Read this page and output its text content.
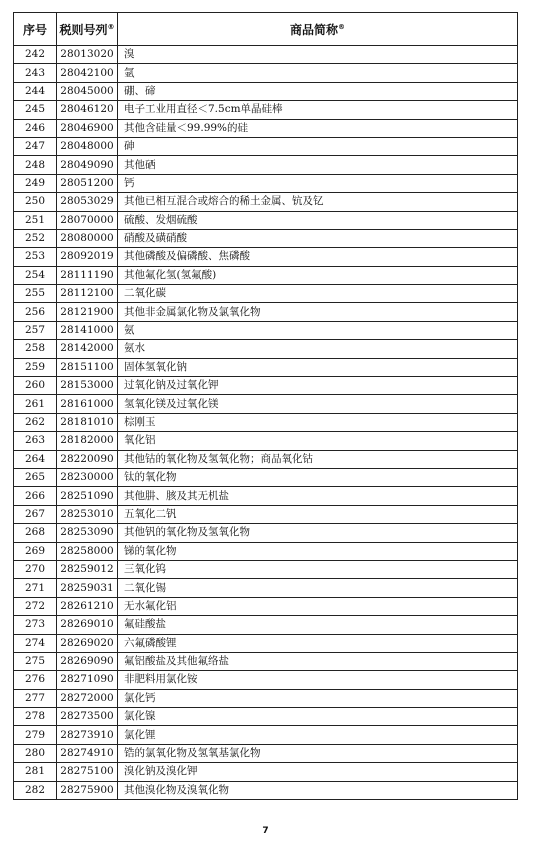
序号	税则号列®	商品简称®
242	28013020	溴
243	28042100	氩
244	28045000	硼、碲
245	28046120	电子工业用直径＜7.5cm单晶硅棒
246	28046900	其他含硅量＜99.99%的硅
247	28048000	砷
248	28049090	其他硒
249	28051200	钙
250	28053029	其他已相互混合或熔合的稀土金属、钪及钇
251	28070000	硫酸、发烟硫酸
252	28080000	硝酸及磺硝酸
253	28092019	其他磷酸及偏磷酸、焦磷酸
254	28111190	其他氟化氢(氢氟酸)
255	28112100	二氧化碳
256	28121900	其他非金属氯化物及氯氧化物
257	28141000	氨
258	28142000	氨水
259	28151100	固体氢氧化钠
260	28153000	过氧化钠及过氧化钾
261	28161000	氢氧化镁及过氧化镁
262	28181010	棕刚玉
263	28182000	氧化铝
264	28220090	其他钴的氧化物及氢氧化物；商品氧化钴
265	28230000	钛的氧化物
266	28251090	其他肼、胲及其无机盐
267	28253010	五氧化二钒
268	28253090	其他钒的氧化物及氢氧化物
269	28258000	锑的氧化物
270	28259012	三氧化钨
271	28259031	二氧化锡
272	28261210	无水氟化铝
273	28269010	氟硅酸盐
274	28269020	六氟磷酸锂
275	28269090	氟铝酸盐及其他氟络盐
276	28271090	非肥料用氯化铵
277	28272000	氯化钙
278	28273500	氯化镍
279	28273910	氯化锂
280	28274910	锆的氯氧化物及氢氧基氯化物
281	28275100	溴化钠及溴化钾
282	28275900	其他溴化物及溴氧化物
7
